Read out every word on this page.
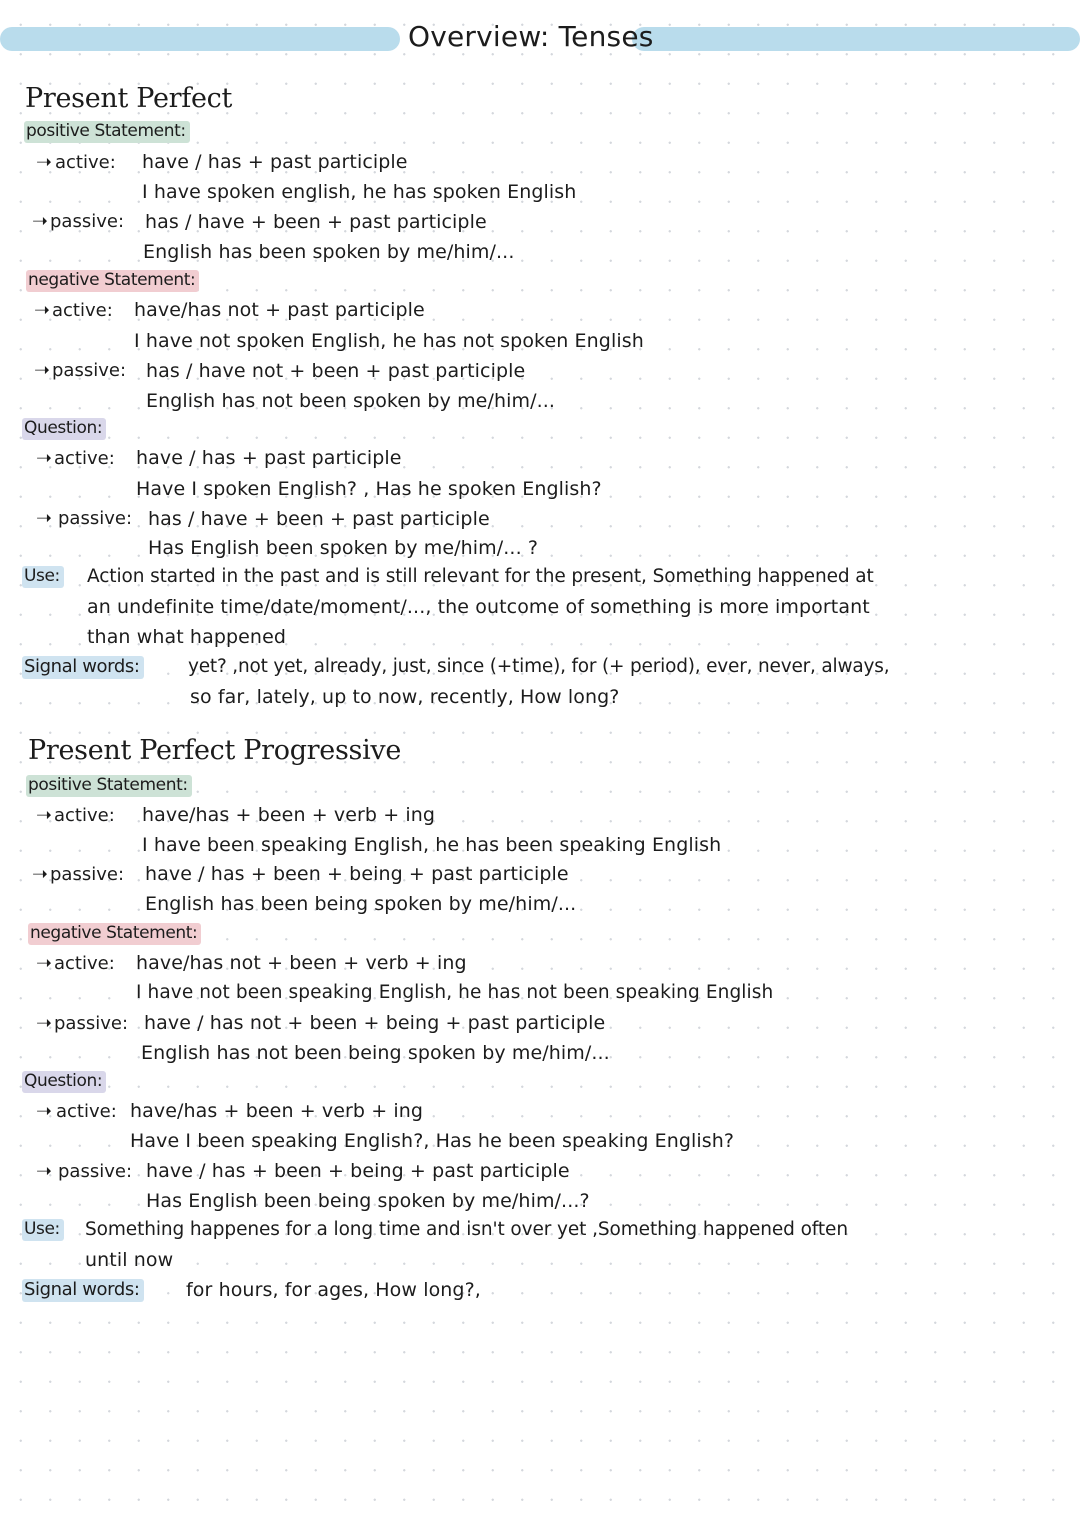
Overview: Tenses
Present Perfect
positive Statement:
➝ active: have / has + past participle
I have spoken english, he has spoken English
➝ passive: has / have + been + past participle
English has been spoken by me/him/...
negative Statement:
➝ active: have/has not + past participle
I have not spoken English, he has not spoken English
➝ passive: has / have not + been + past participle
English has not been spoken by me/him/...
Question:
➝ active: have / has + past participle
Have I spoken English? , Has he spoken English?
➝ passive: has / have + been + past participle
Has English been spoken by me/him/... ?
Use: Action started in the past and is still relevant for the present, Something happened at
an undefinite time/date/moment/..., the outcome of something is more important
than what happened
Signal words:	yet? ,not yet, already, just, since (+time), for (+ period), ever, never, always,
so far, lately, up to now, recently, How long?
Present Perfect Progressive
positive Statement:
➝ active: have/has + been + verb + ing
I have been speaking English, he has been speaking English
➝ passive: have / has + been + being + past participle
English has been being spoken by me/him/...
negative Statement:
➝ active: have/has not + been + verb + ing
I have not been speaking English, he has not been speaking English
➝ passive: have / has not + been + being + past participle
English has not been being spoken by me/him/...
Question:
➝ active: have/has + been + verb + ing
Have I been speaking English?, Has he been speaking English?
➝ passive: have / has + been + being + past participle
Has English been being spoken by me/him/...?
Use: Something happenes for a long time and isn't over yet ,Something happened often
until now
Signal words: for hours, for ages, How long?,
